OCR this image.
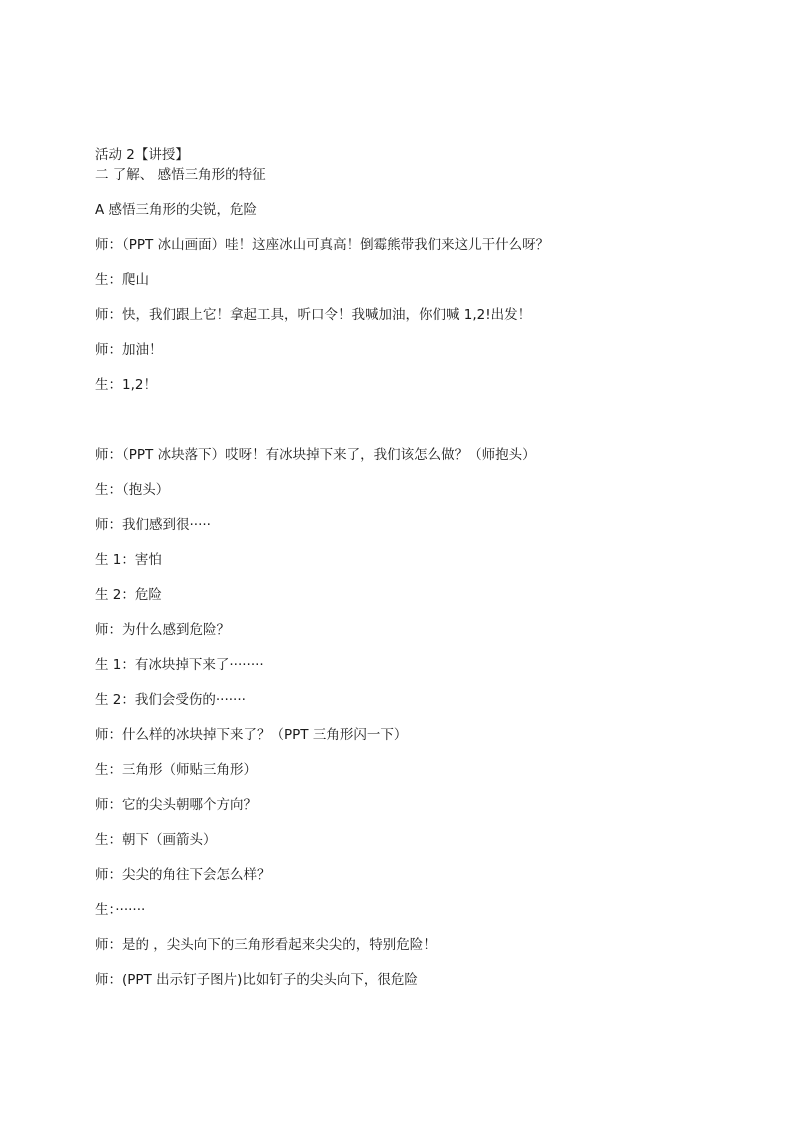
活动 2【讲授】
二 了解、 感悟三角形的特征
A 感悟三角形的尖锐，危险
师：（PPT 冰山画面）哇！这座冰山可真高！倒霉熊带我们来这儿干什么呀？
生：爬山
师：快，我们跟上它！拿起工具，听口令！我喊加油，你们喊 1,2!出发！
师：加油！
生：1,2！
师：（PPT 冰块落下）哎呀！有冰块掉下来了，我们该怎么做？（师抱头）
生：（抱头）
师：我们感到很·····
生 1：害怕
生 2：危险
师：为什么感到危险？
生 1：有冰块掉下来了········
生 2：我们会受伤的·······
师：什么样的冰块掉下来了？（PPT 三角形闪一下）
生：三角形（师贴三角形）
师：它的尖头朝哪个方向？
生：朝下（画箭头）
师：尖尖的角往下会怎么样？
生：·······
师：是的 ，尖头向下的三角形看起来尖尖的，特别危险！
师：(PPT 出示钉子图片)比如钉子的尖头向下，很危险
